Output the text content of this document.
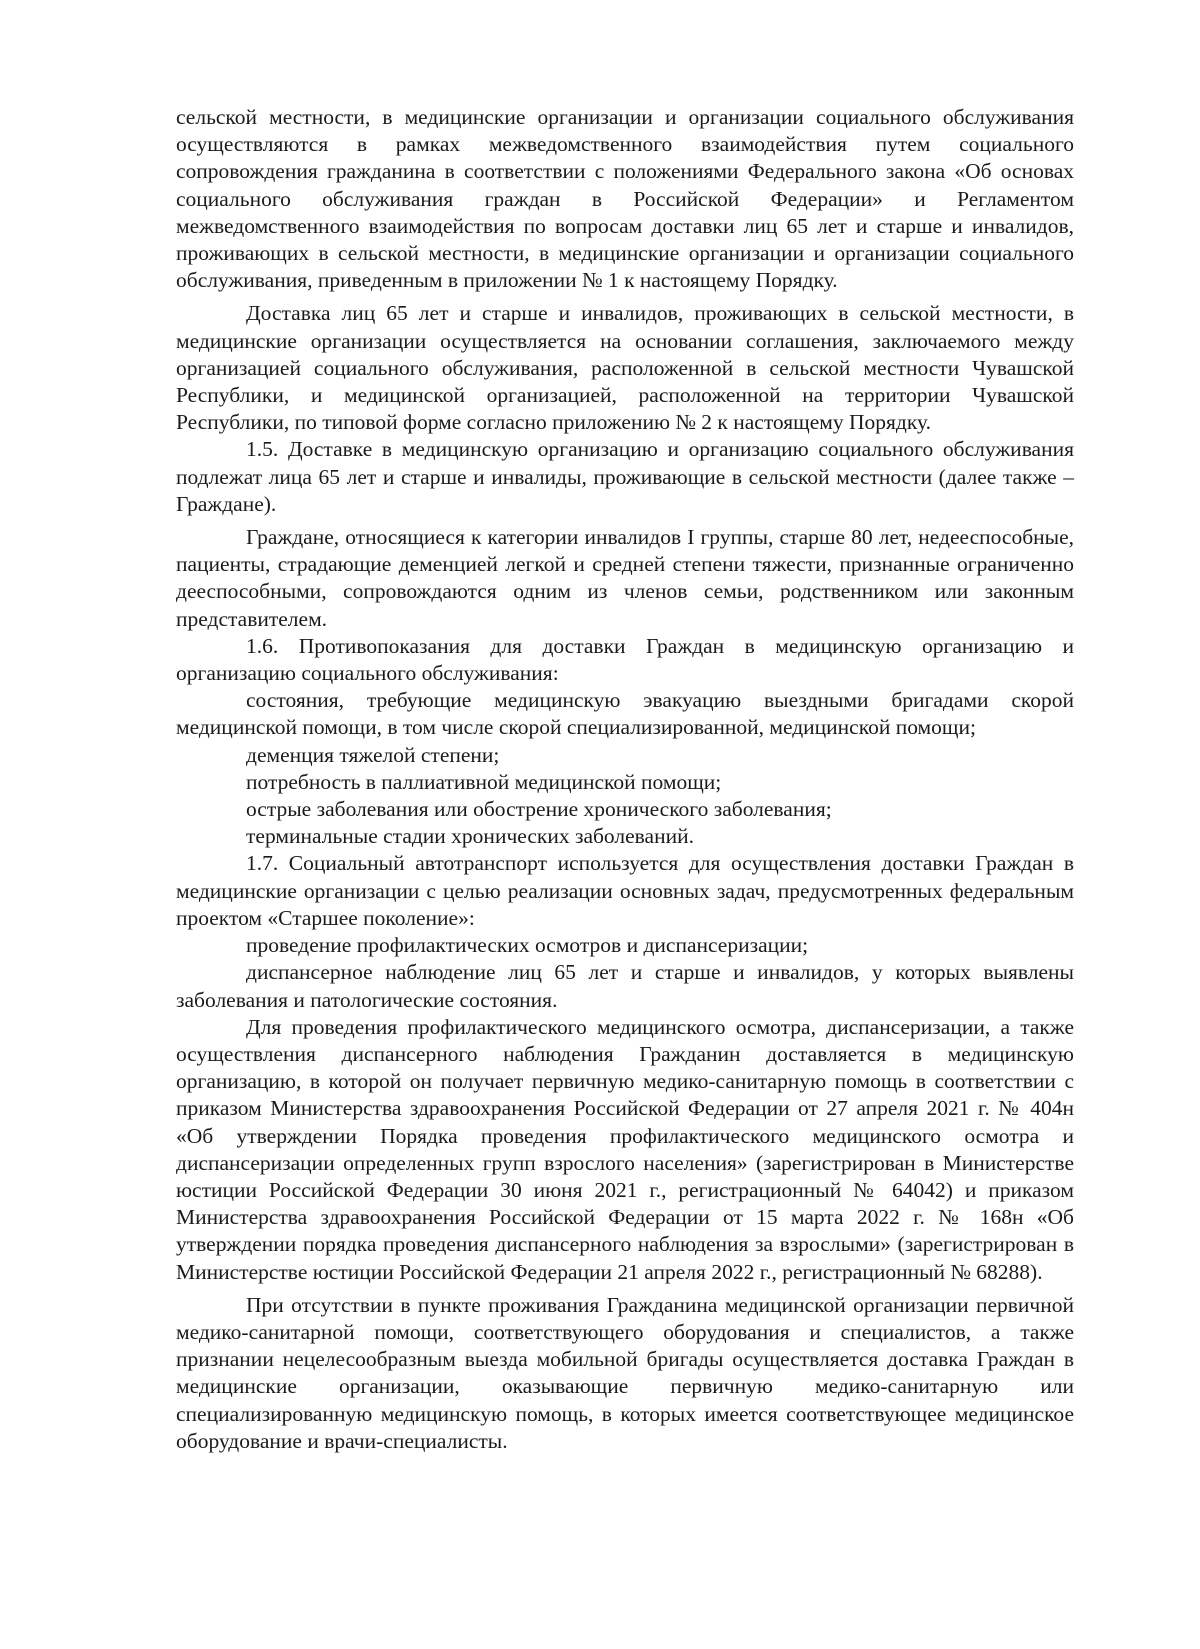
сельской местности, в медицинские организации и организации социального обслуживания осуществляются в рамках межведомственного взаимодействия путем социального сопровождения гражданина в соответствии с положениями Федерального закона «Об основах социального обслуживания граждан в Российской Федерации» и Регламентом межведомственного взаимодействия по вопросам доставки лиц 65 лет и старше и инвалидов, проживающих в сельской местности, в медицинские организации и организации социального обслуживания, приведенным в приложении № 1 к настоящему Порядку.

Доставка лиц 65 лет и старше и инвалидов, проживающих в сельской местности, в медицинские организации осуществляется на основании соглашения, заключаемого между организацией социального обслуживания, расположенной в сельской местности Чувашской Республики, и медицинской организацией, расположенной на территории Чувашской Республики, по типовой форме согласно приложению № 2 к настоящему Порядку.

1.5. Доставке в медицинскую организацию и организацию социального обслуживания подлежат лица 65 лет и старше и инвалиды, проживающие в сельской местности (далее также – Граждане).

Граждане, относящиеся к категории инвалидов I группы, старше 80 лет, недееспособные, пациенты, страдающие деменцией легкой и средней степени тяжести, признанные ограниченно дееспособными, сопровождаются одним из членов семьи, родственником или законным представителем.

1.6. Противопоказания для доставки Граждан в медицинскую организацию и организацию социального обслуживания:

состояния, требующие медицинскую эвакуацию выездными бригадами скорой медицинской помощи, в том числе скорой специализированной, медицинской помощи;

деменция тяжелой степени;

потребность в паллиативной медицинской помощи;

острые заболевания или обострение хронического заболевания;

терминальные стадии хронических заболеваний.

1.7. Социальный автотранспорт используется для осуществления доставки Граждан в медицинские организации с целью реализации основных задач, предусмотренных федеральным проектом «Старшее поколение»:

проведение профилактических осмотров и диспансеризации;

диспансерное наблюдение лиц 65 лет и старше и инвалидов, у которых выявлены заболевания и патологические состояния.

Для проведения профилактического медицинского осмотра, диспансеризации, а также осуществления диспансерного наблюдения Гражданин доставляется в медицинскую организацию, в которой он получает первичную медико-санитарную помощь в соответствии с приказом Министерства здравоохранения Российской Федерации от 27 апреля 2021 г. № 404н «Об утверждении Порядка проведения профилактического медицинского осмотра и диспансеризации определенных групп взрослого населения» (зарегистрирован в Министерстве юстиции Российской Федерации 30 июня 2021 г., регистрационный № 64042) и приказом Министерства здравоохранения Российской Федерации от 15 марта 2022 г. № 168н «Об утверждении порядка проведения диспансерного наблюдения за взрослыми» (зарегистрирован в Министерстве юстиции Российской Федерации 21 апреля 2022 г., регистрационный № 68288).

При отсутствии в пункте проживания Гражданина медицинской организации первичной медико-санитарной помощи, соответствующего оборудования и специалистов, а также признании нецелесообразным выезда мобильной бригады осуществляется доставка Граждан в медицинские организации, оказывающие первичную медико-санитарную или специализированную медицинскую помощь, в которых имеется соответствующее медицинское оборудование и врачи-специалисты.
